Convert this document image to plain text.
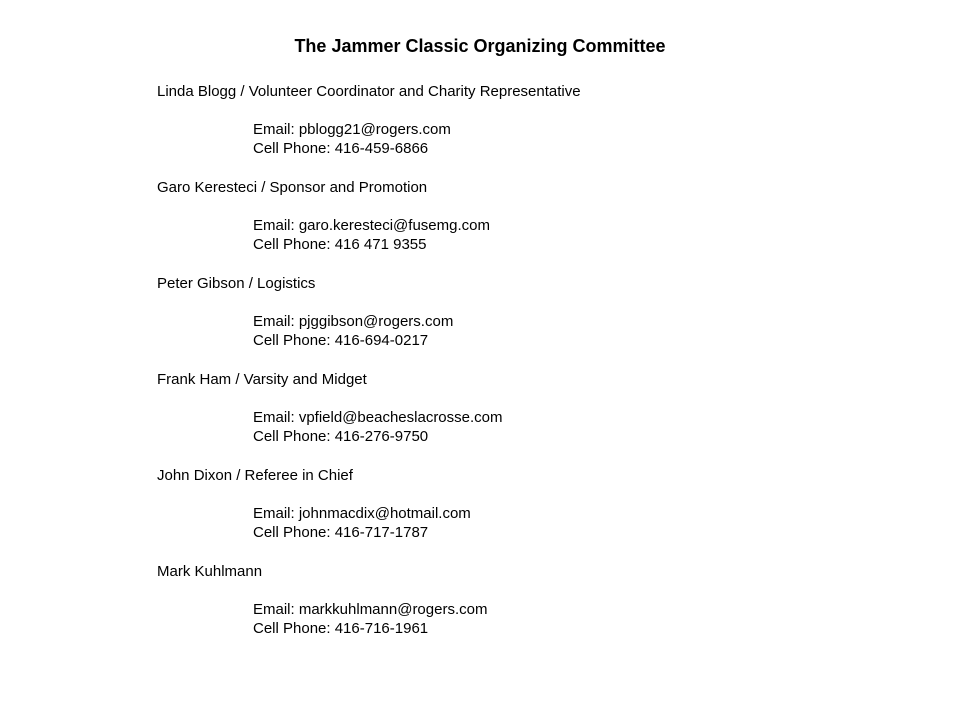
The Jammer Classic Organizing Committee
Linda Blogg / Volunteer Coordinator and Charity Representative
Email: pblogg21@rogers.com
Cell Phone: 416-459-6866
Garo Keresteci / Sponsor and Promotion
Email: garo.keresteci@fusemg.com
Cell Phone: 416 471 9355
Peter Gibson / Logistics
Email: pjggibson@rogers.com
Cell Phone: 416-694-0217
Frank Ham / Varsity and Midget
Email: vpfield@beacheslacrosse.com
Cell Phone: 416-276-9750
John Dixon / Referee in Chief
Email: johnmacdix@hotmail.com
Cell Phone: 416-717-1787
Mark Kuhlmann
Email: markkuhlmann@rogers.com
Cell Phone: 416-716-1961
